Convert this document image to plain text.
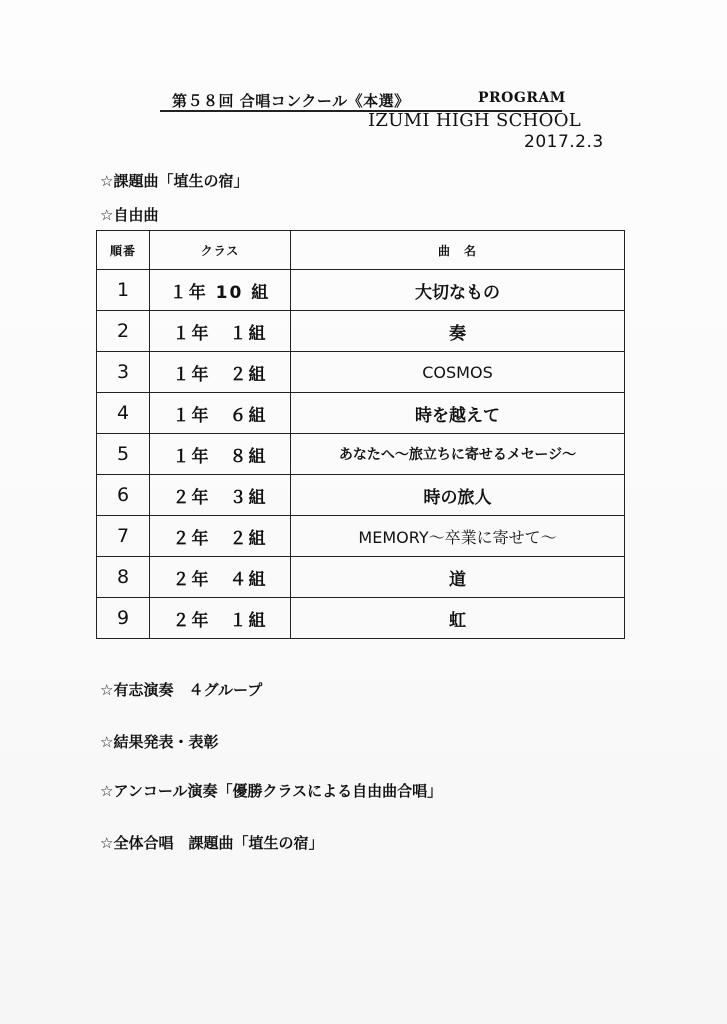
第５８回 合唱コンクール《本選》	PROGRAM
IZUMI HIGH SCHOOL
2017.2.3
☆課題曲「埴生の宿」
☆自由曲
順番	クラス	曲　名
1	１年 10 組	大切なもの
2	１年　１組	奏
3	１年　２組	COSMOS
4	１年　６組	時を越えて
5	１年　８組	あなたへ～旅立ちに寄せるメセージ～
6	２年　３組	時の旅人
7	２年　２組	MEMORY～卒業に寄せて～
8	２年　４組	道
9	２年　１組	虹
☆有志演奏　４グループ
☆結果発表・表彰
☆アンコール演奏「優勝クラスによる自由曲合唱」
☆全体合唱　課題曲「埴生の宿」
